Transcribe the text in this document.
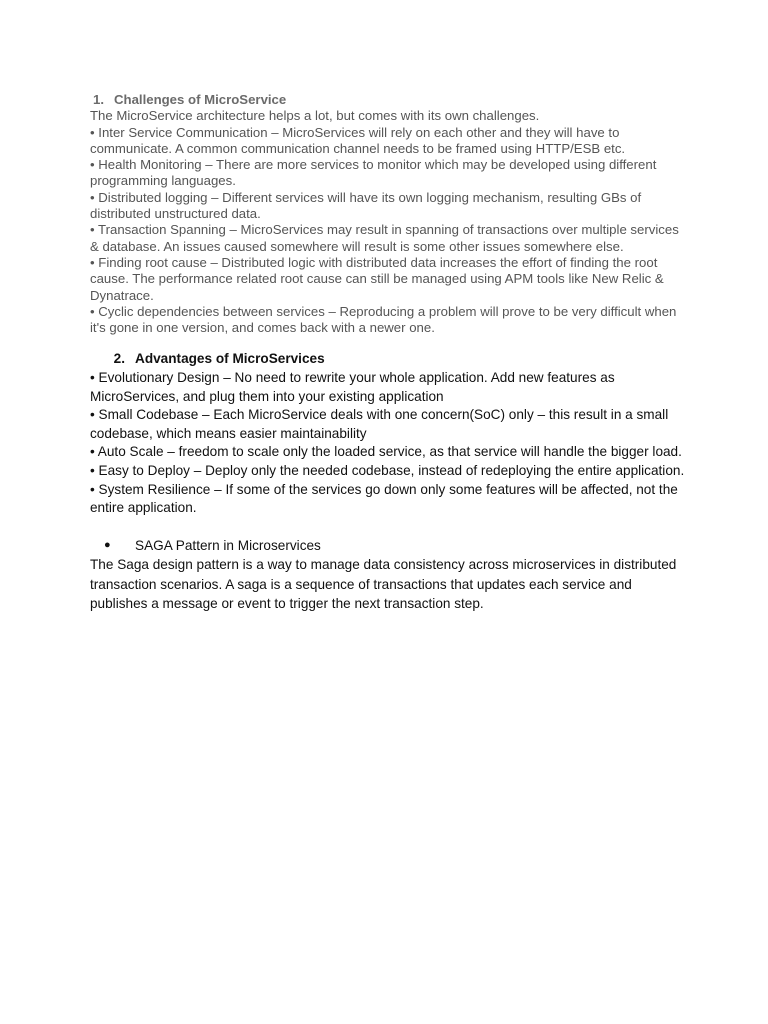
1. Challenges of MicroService

The MicroService architecture helps a lot, but comes with its own challenges.

• Inter Service Communication – MicroServices will rely on each other and they will have to communicate. A common communication channel needs to be framed using HTTP/ESB etc.

• Health Monitoring – There are more services to monitor which may be developed using different programming languages.

• Distributed logging – Different services will have its own logging mechanism, resulting GBs of distributed unstructured data.

• Transaction Spanning – MicroServices may result in spanning of transactions over multiple services & database. An issues caused somewhere will result is some other issues somewhere else.

• Finding root cause – Distributed logic with distributed data increases the effort of finding the root cause. The performance related root cause can still be managed using APM tools like New Relic & Dynatrace.

• Cyclic dependencies between services – Reproducing a problem will prove to be very difficult when it's gone in one version, and comes back with a newer one.

2. Advantages of MicroServices

• Evolutionary Design – No need to rewrite your whole application. Add new features as MicroServices, and plug them into your existing application

• Small Codebase – Each MicroService deals with one concern(SoC) only – this result in a small codebase, which means easier maintainability

• Auto Scale – freedom to scale only the loaded service, as that service will handle the bigger load.

• Easy to Deploy – Deploy only the needed codebase, instead of redeploying the entire application.

• System Resilience – If some of the services go down only some features will be affected, not the entire application.

● SAGA Pattern in Microservices

The Saga design pattern is a way to manage data consistency across microservices in distributed transaction scenarios. A saga is a sequence of transactions that updates each service and publishes a message or event to trigger the next transaction step.
